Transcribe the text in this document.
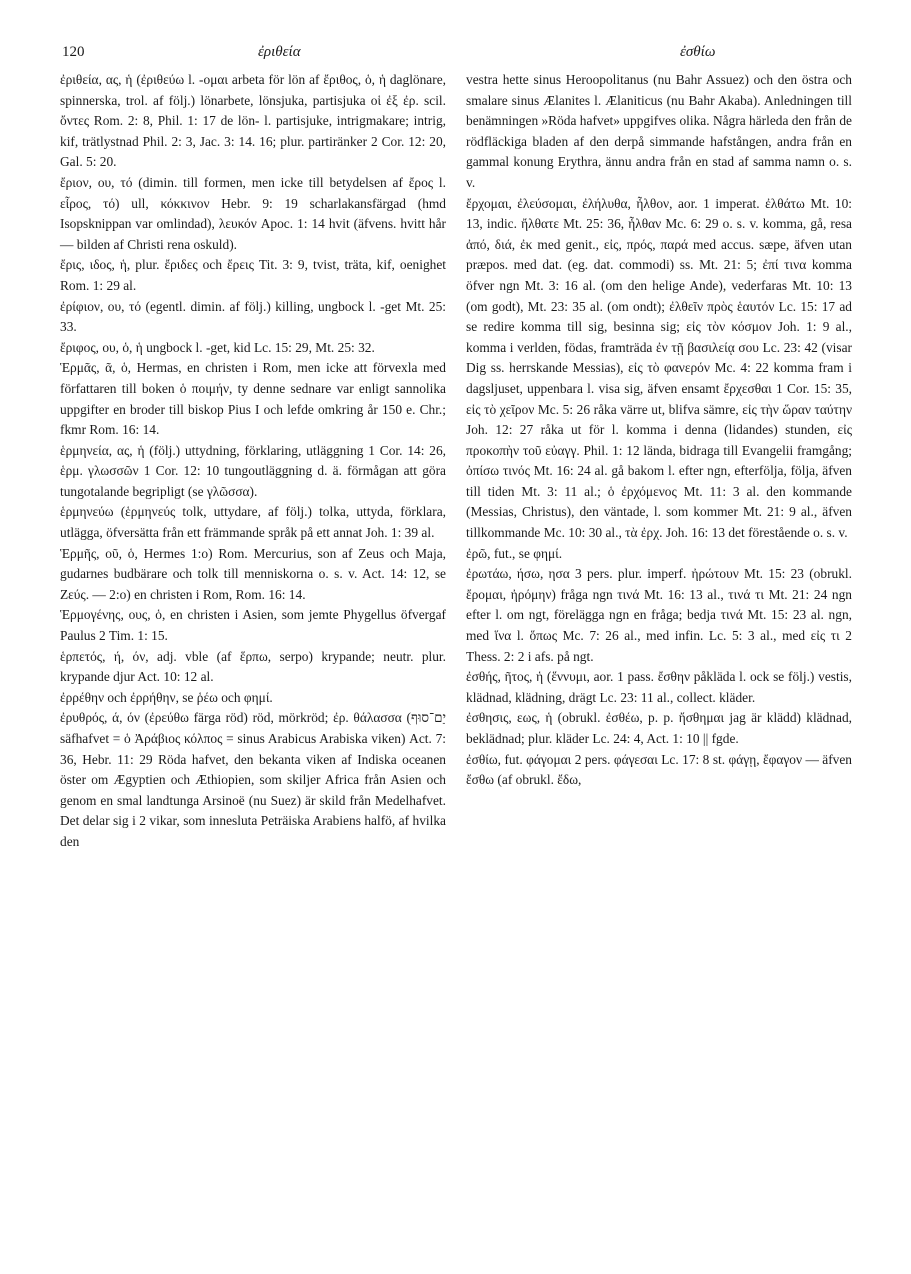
120	ἐριθεία	ἐσθίω

ἐριθεία, ας, ἡ (ἐριθεύω l. -ομαι arbeta för lön af ἔριθος, ὁ, ἡ daglönare, spinnerska, trol. af följ.) lönarbete, lönsjuka, partisjuka οἱ ἐξ ἐρ. scil. ὄντες Rom. 2: 8, Phil. 1: 17 de lön- l. partisjuke, intrigmakare; intrig, kif, trätlystnad Phil. 2: 3, Jac. 3: 14. 16; plur. partiränker 2 Cor. 12: 20, Gal. 5: 20.

ἔριον, ου, τό (dimin. till formen, men icke till betydelsen af ἔρος l. εἶρος, τό) ull, κόκκινον Hebr. 9: 19 scharlakansfärgad (hmd Isopsknippan var omlindad), λευκόν Apoc. 1: 14 hvit (äfvens. hvitt hår — bilden af Christi rena oskuld).

ἔρις, ιδος, ἡ, plur. ἔριδες och ἔρεις Tit. 3: 9, tvist, träta, kif, oenighet Rom. 1: 29 al.

ἐρίφιον, ου, τό (egentl. dimin. af följ.) killing, ungbock l. -get Mt. 25: 33.

ἔριφος, ου, ὁ, ἡ ungbock l. -get, kid Lc. 15: 29, Mt. 25: 32.

Ἑρμᾶς, ᾶ, ὁ, Hermas, en christen i Rom, men icke att förvexla med författaren till boken ὁ ποιμήν, ty denne sednare var enligt sannolika uppgifter en broder till biskop Pius I och lefde omkring år 150 e. Chr.; fkmr Rom. 16: 14.

ἑρμηνεία, ας, ἡ (följ.) uttydning, förklaring, utläggning 1 Cor. 14: 26, ἑρμ. γλωσσῶν 1 Cor. 12: 10 tungoutläggning d. ä. förmågan att göra tungotalande begripligt (se γλῶσσα).

ἑρμηνεύω (ἑρμηνεύς tolk, uttydare, af följ.) tolka, uttyda, förklara, utlägga, öfversätta från ett främmande språk på ett annat Joh. 1: 39 al.

Ἑρμῆς, οῦ, ὁ, Hermes 1:o) Rom. Mercurius, son af Zeus och Maja, gudarnes budbärare och tolk till menniskorna o. s. v. Act. 14: 12, se Ζεύς. — 2:o) en christen i Rom, Rom. 16: 14.

Ἑρμογένης, ους, ὁ, en christen i Asien, som jemte Phygellus öfvergaf Paulus 2 Tim. 1: 15.

ἑρπετός, ή, όν, adj. vble (af ἕρπω, serpo) krypande; neutr. plur. krypande djur Act. 10: 12 al.

ἐρρέθην och ἐρρήθην, se ῥέω och φημί.

ἐρυθρός, ά, όν (ἐρεύθω färga röd) röd, mörkröd; ἐρ. θάλασσα (יַם־סוּף säfhafvet = ὁ Ἀράβιος κόλπος = sinus Arabicus Arabiska viken) Act. 7: 36, Hebr. 11: 29 Röda hafvet, den bekanta viken af Indiska oceanen öster om Ægyptien och Æthiopien, som skiljer Africa från Asien och genom en smal landtunga Arsinoë (nu Suez) är skild från Medelhafvet. Det delar sig i 2 vikar, som innesluta Peträiska Arabiens halfö, af hvilka den

vestra hette sinus Heroopolitanus (nu Bahr Assuez) och den östra och smalare sinus Ælanites l. Ælaniticus (nu Bahr Akaba). Anledningen till benämningen »Röda hafvet» uppgifves olika. Några härleda den från de rödfläckiga bladen af den derpå simmande hafstången, andra från en gammal konung Erythra, ännu andra från en stad af samma namn o. s. v.

ἔρχομαι, ἐλεύσομαι, ἐλήλυθα, ἦλθον, aor. 1 imperat. ἐλθάτω Mt. 10: 13, indic. ἤλθατε Mt. 25: 36, ἦλθαν Mc. 6: 29 o. s. v. komma, gå, resa ἀπό, διά, ἐκ med genit., εἰς, πρός, παρά med accus. sæpe, äfven utan præpos. med dat. (eg. dat. commodi) ss. Mt. 21: 5; ἐπί τινα komma öfver ngn Mt. 3: 16 al. (om den helige Ande), vederfaras Mt. 10: 13 (om godt), Mt. 23: 35 al. (om ondt); ἐλθεῖν πρὸς ἑαυτόν Lc. 15: 17 ad se redire komma till sig, besinna sig; εἰς τὸν κόσμον Joh. 1: 9 al., komma i verlden, födas, framträda ἐν τῇ βασιλείᾳ σου Lc. 23: 42 (visar Dig ss. herrskande Messias), εἰς τὸ φανερόν Mc. 4: 22 komma fram i dagsljuset, uppenbara l. visa sig, äfven ensamt ἔρχεσθαι 1 Cor. 15: 35, εἰς τὸ χεῖρον Mc. 5: 26 råka värre ut, blifva sämre, εἰς τὴν ὥραν ταύτην Joh. 12: 27 råka ut för l. komma i denna (lidandes) stunden, εἰς προκοπὴν τοῦ εὐαγγ. Phil. 1: 12 lända, bidraga till Evangelii framgång; ὀπίσω τινός Mt. 16: 24 al. gå bakom l. efter ngn, efterfölja, följa, äfven till tiden Mt. 3: 11 al.; ὁ ἐρχόμενος Mt. 11: 3 al. den kommande (Messias, Christus), den väntade, l. som kommer Mt. 21: 9 al., äfven tillkommande Mc. 10: 30 al., τὰ ἐρχ. Joh. 16: 13 det förestående o. s. v.

ἐρῶ, fut., se φημί.

ἐρωτάω, ήσω, ησα 3 pers. plur. imperf. ἠρώτουν Mt. 15: 23 (obrukl. ἔρομαι, ἠρόμην) fråga ngn τινά Mt. 16: 13 al., τινά τι Mt. 21: 24 ngn efter l. om ngt, förelägga ngn en fråga; bedja τινά Mt. 15: 23 al. ngn, med ἵνα l. ὅπως Mc. 7: 26 al., med infin. Lc. 5: 3 al., med εἰς τι 2 Thess. 2: 2 i afs. på ngt.

ἐσθής, ῆτος, ἡ (ἕννυμι, aor. 1 pass. ἔσθην påkläda l. ock se följ.) vestis, klädnad, klädning, drägt Lc. 23: 11 al., collect. kläder.

ἐσθησις, εως, ἡ (obrukl. ἐσθέω, p. p. ἤσθημαι jag är klädd) klädnad, beklädnad; plur. kläder Lc. 24: 4, Act. 1: 10 || fgde.

ἐσθίω, fut. φάγομαι 2 pers. φάγεσαι Lc. 17: 8 st. φάγῃ, ἔφαγον — äfven ἔσθω (af obrukl. ἔδω,
